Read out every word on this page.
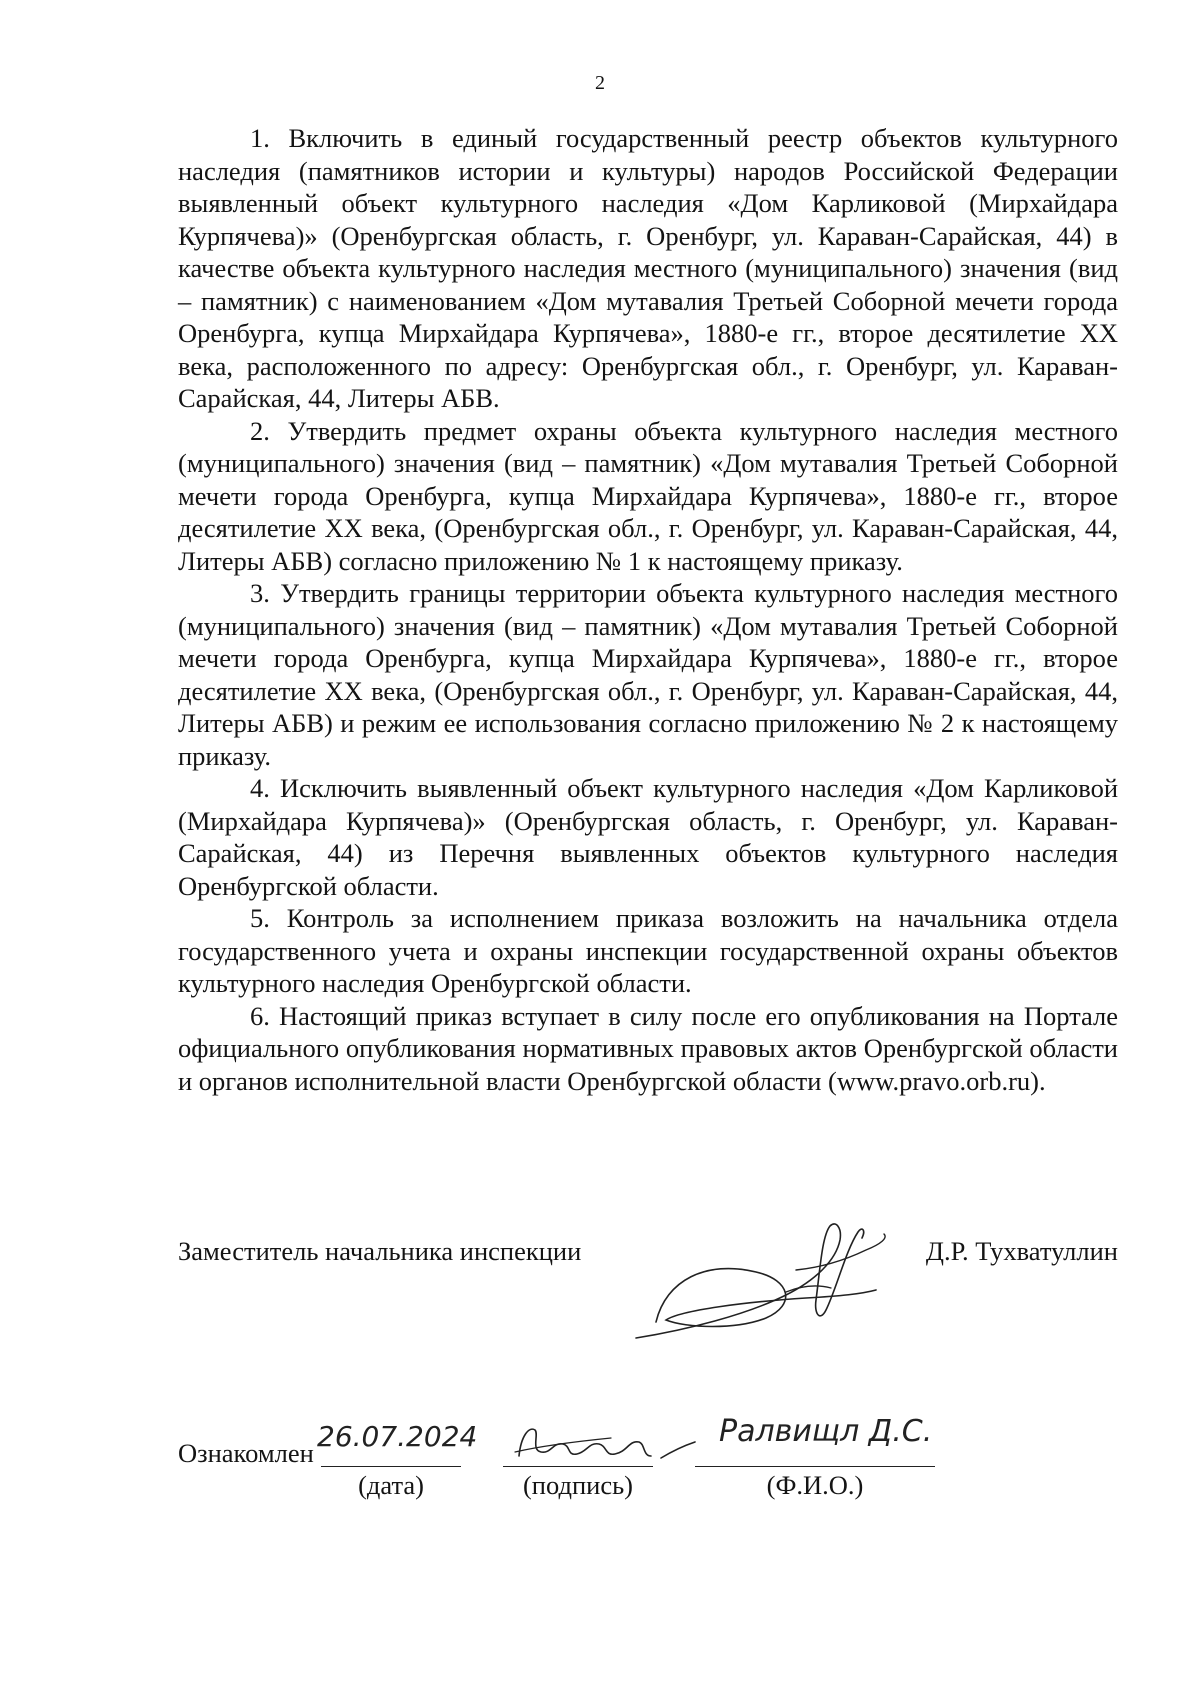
2

1. Включить в единый государственный реестр объектов культурного наследия (памятников истории и культуры) народов Российской Федерации выявленный объект культурного наследия «Дом Карликовой (Мирхайдара Курпячева)» (Оренбургская область, г. Оренбург, ул. Караван-Сарайская, 44) в качестве объекта культурного наследия местного (муниципального) значения (вид – памятник) с наименованием «Дом мутавалия Третьей Соборной мечети города Оренбурга, купца Мирхайдара Курпячева», 1880-е гг., второе десятилетие XX века, расположенного по адресу: Оренбургская обл., г. Оренбург, ул. Караван-Сарайская, 44, Литеры АБВ.

2. Утвердить предмет охраны объекта культурного наследия местного (муниципального) значения (вид – памятник) «Дом мутавалия Третьей Соборной мечети города Оренбурга, купца Мирхайдара Курпячева», 1880-е гг., второе десятилетие XX века, (Оренбургская обл., г. Оренбург, ул. Караван-Сарайская, 44, Литеры АБВ) согласно приложению № 1 к настоящему приказу.

3. Утвердить границы территории объекта культурного наследия местного (муниципального) значения (вид – памятник) «Дом мутавалия Третьей Соборной мечети города Оренбурга, купца Мирхайдара Курпячева», 1880-е гг., второе десятилетие XX века, (Оренбургская обл., г. Оренбург, ул. Караван-Сарайская, 44, Литеры АБВ) и режим ее использования согласно приложению № 2 к настоящему приказу.

4. Исключить выявленный объект культурного наследия «Дом Карликовой (Мирхайдара Курпячева)» (Оренбургская область, г. Оренбург, ул. Караван-Сарайская, 44) из Перечня выявленных объектов культурного наследия Оренбургской области.

5. Контроль за исполнением приказа возложить на начальника отдела государственного учета и охраны инспекции государственной охраны объектов культурного наследия Оренбургской области.

6. Настоящий приказ вступает в силу после его опубликования на Портале официального опубликования нормативных правовых актов Оренбургской области и органов исполнительной власти Оренбургской области (www.pravo.orb.ru).

Заместитель начальника инспекции	Д.Р. Тухватуллин
Ознакомлен 26.07.2024
(дата)	(подпись)
Ралвищл Д.С.
(Ф.И.О.)
